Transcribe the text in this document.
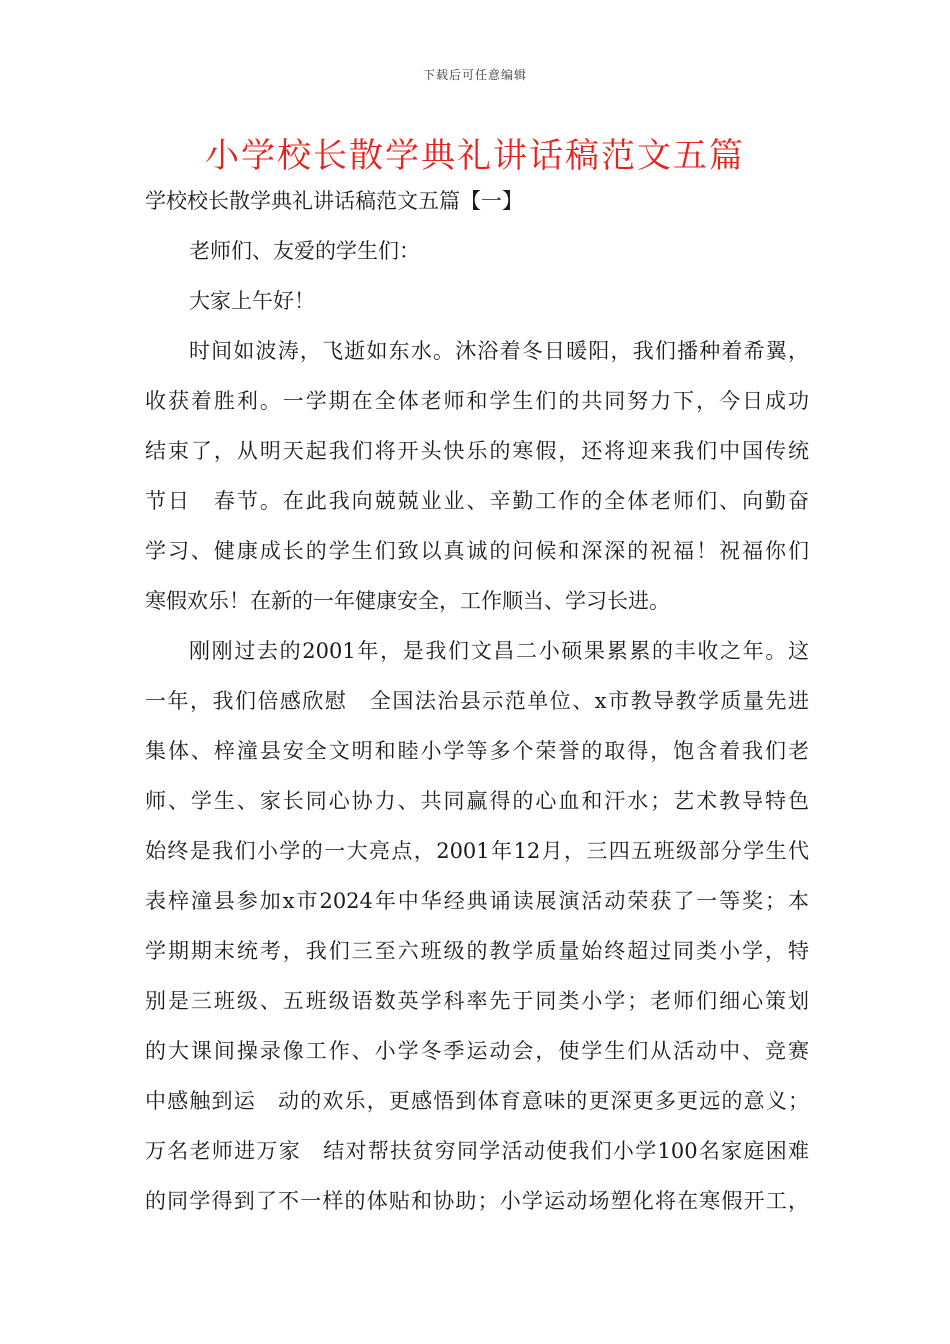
下载后可任意编辑
小学校长散学典礼讲话稿范文五篇
学校校长散学典礼讲话稿范文五篇【一】
老师们、友爱的学生们：
大家上午好！
时间如波涛，飞逝如东水。沐浴着冬日暖阳，我们播种着希翼，
收获着胜利。一学期在全体老师和学生们的共同努力下，今日成功
结束了，从明天起我们将开头快乐的寒假，还将迎来我们中国传统
节日　春节。在此我向兢兢业业、辛勤工作的全体老师们、向勤奋
学习、健康成长的学生们致以真诚的问候和深深的祝福！祝福你们
寒假欢乐！在新的一年健康安全，工作顺当、学习长进。
刚刚过去的2001年，是我们文昌二小硕果累累的丰收之年。这
一年，我们倍感欣慰　全国法治县示范单位、x市教导教学质量先进
集体、梓潼县安全文明和睦小学等多个荣誉的取得，饱含着我们老
师、学生、家长同心协力、共同赢得的心血和汗水；艺术教导特色
始终是我们小学的一大亮点，2001年12月，三四五班级部分学生代
表梓潼县参加x市2024年中华经典诵读展演活动荣获了一等奖；本
学期期末统考，我们三至六班级的教学质量始终超过同类小学，特
别是三班级、五班级语数英学科率先于同类小学；老师们细心策划
的大课间操录像工作、小学冬季运动会，使学生们从活动中、竞赛
中感触到运　动的欢乐，更感悟到体育意味的更深更多更远的意义；
万名老师进万家　结对帮扶贫穷同学活动使我们小学100名家庭困难
的同学得到了不一样的体贴和协助；小学运动场塑化将在寒假开工，
